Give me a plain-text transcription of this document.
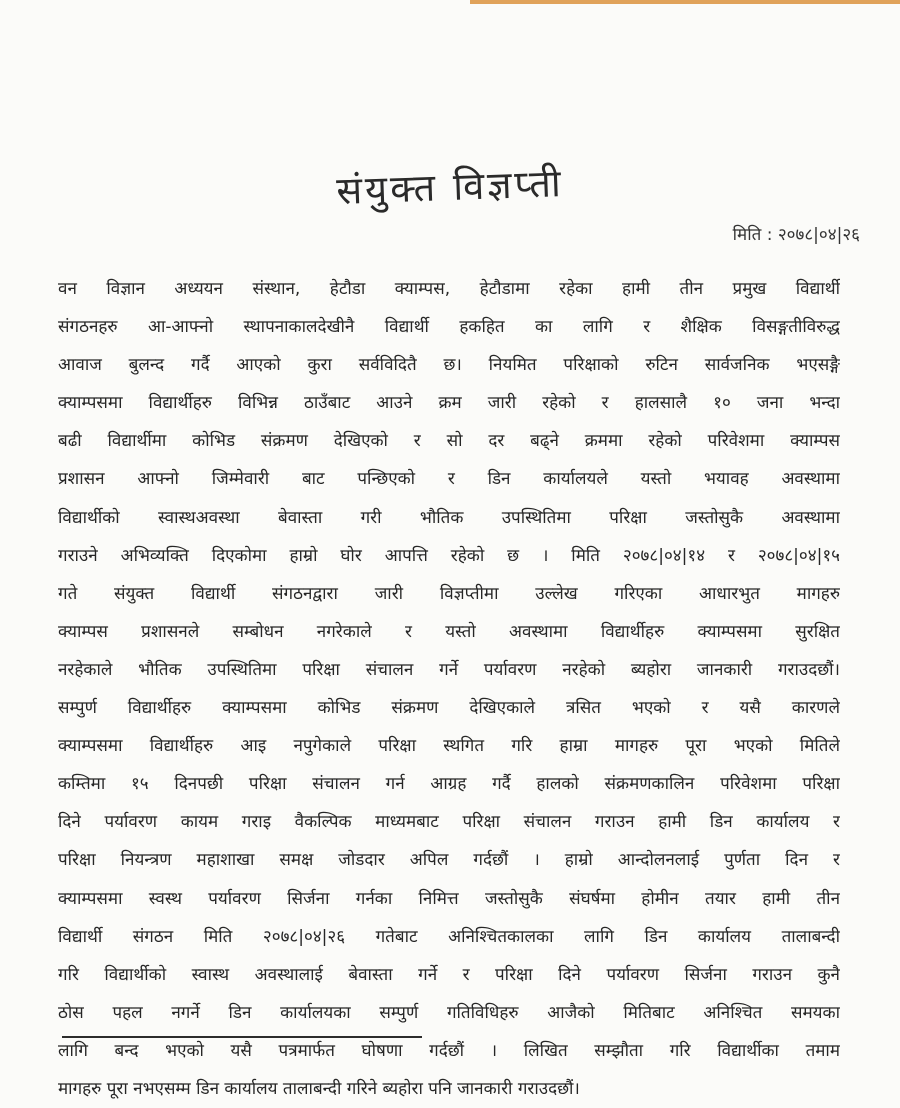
संयुक्त विज्ञप्ती
मिति : २०७८|०४|२६
वन विज्ञान अध्ययन संस्थान, हेटौडा क्याम्पस, हेटौडामा रहेका हामी तीन प्रमुख विद्यार्थी
संगठनहरु आ-आफ्नो स्थापनाकालदेखीनै विद्यार्थी हकहित का लागि र शैक्षिक विसङ्गतीविरुद्ध
आवाज बुलन्द गर्दै आएको कुरा सर्वविदितै छ। नियमित परिक्षाको रुटिन सार्वजनिक भएसङ्गै
क्याम्पसमा विद्यार्थीहरु विभिन्न ठाउँबाट आउने क्रम जारी रहेको र हालसालै १० जना भन्दा
बढी विद्यार्थीमा कोभिड संक्रमण देखिएको र सो दर बढ्ने क्रममा रहेको परिवेशमा क्याम्पस
प्रशासन आफ्नो जिम्मेवारी बाट पन्छिएको र डिन कार्यालयले यस्तो भयावह अवस्थामा
विद्यार्थीको स्वास्थअवस्था बेवास्ता गरी भौतिक उपस्थितिमा परिक्षा जस्तोसुकै अवस्थामा
गराउने अभिव्यक्ति दिएकोमा हाम्रो घोर आपत्ति रहेको छ । मिति २०७८|०४|१४ र २०७८|०४|१५
गते संयुक्त विद्यार्थी संगठनद्वारा जारी विज्ञप्तीमा उल्लेख गरिएका आधारभुत मागहरु
क्याम्पस प्रशासनले सम्बोधन नगरेकाले र यस्तो अवस्थामा विद्यार्थीहरु क्याम्पसमा सुरक्षित
नरहेकाले भौतिक उपस्थितिमा परिक्षा संचालन गर्ने पर्यावरण नरहेको ब्यहोरा जानकारी गराउदछौं।
सम्पुर्ण विद्यार्थीहरु क्याम्पसमा कोभिड संक्रमण देखिएकाले त्रसित भएको र यसै कारणले
क्याम्पसमा विद्यार्थीहरु आइ नपुगेकाले परिक्षा स्थगित गरि हाम्रा मागहरु पूरा भएको मितिले
कम्तिमा १५ दिनपछी परिक्षा संचालन गर्न आग्रह गर्दै हालको संक्रमणकालिन परिवेशमा परिक्षा
दिने पर्यावरण कायम गराइ वैकल्पिक माध्यमबाट परिक्षा संचालन गराउन हामी डिन कार्यालय र
परिक्षा नियन्त्रण महाशाखा समक्ष जोडदार अपिल गर्दछौं । हाम्रो आन्दोलनलाई पुर्णता दिन र
क्याम्पसमा स्वस्थ पर्यावरण सिर्जना गर्नका निमित्त जस्तोसुकै संघर्षमा होमीन तयार हामी तीन
विद्यार्थी संगठन मिति २०७८|०४|२६ गतेबाट अनिश्चितकालका लागि डिन कार्यालय तालाबन्दी
गरि विद्यार्थीको स्वास्थ अवस्थालाई बेवास्ता गर्ने र परिक्षा दिने पर्यावरण सिर्जना गराउन कुनै
ठोस पहल नगर्ने डिन कार्यालयका सम्पुर्ण गतिविधिहरु आजैको मितिबाट अनिश्चित समयका
लागि बन्द भएको यसै पत्रमार्फत घोषणा गर्दछौं । लिखित सम्झौता गरि विद्यार्थीका तमाम
मागहरु पूरा नभएसम्म डिन कार्यालय तालाबन्दी गरिने ब्यहोरा पनि जानकारी गराउदछौं।
